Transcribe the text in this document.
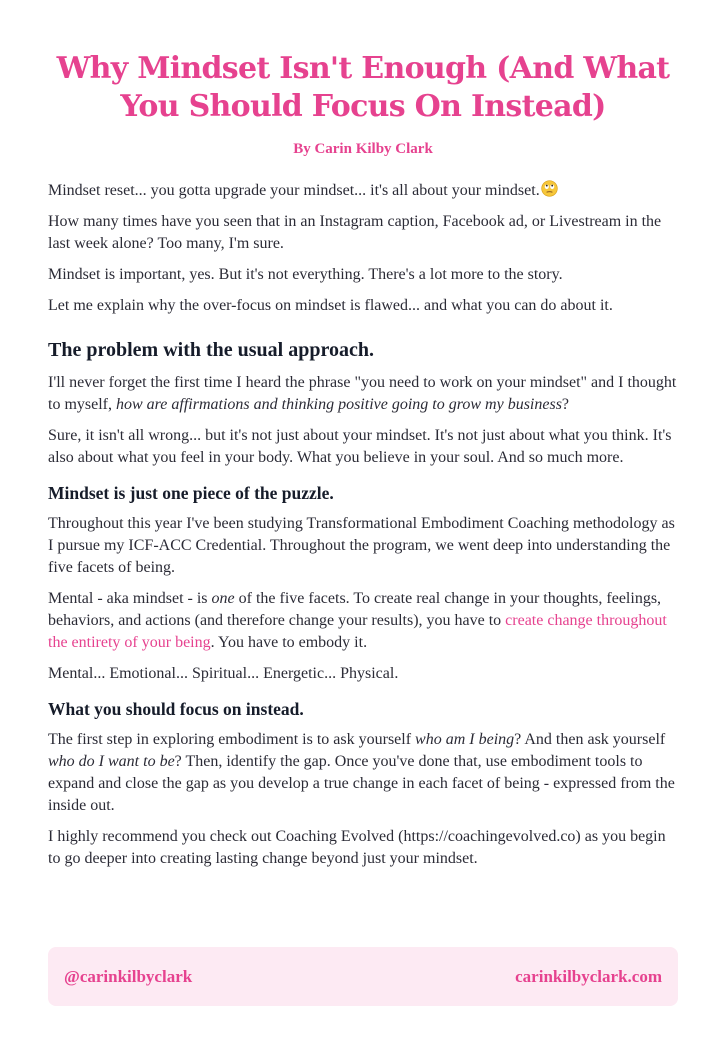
Why Mindset Isn't Enough (And What You Should Focus On Instead)
By Carin Kilby Clark

Mindset reset... you gotta upgrade your mindset... it's all about your mindset.

How many times have you seen that in an Instagram caption, Facebook ad, or Livestream in the last week alone? Too many, I'm sure.

Mindset is important, yes. But it's not everything. There's a lot more to the story.

Let me explain why the over-focus on mindset is flawed... and what you can do about it.

The problem with the usual approach.

I'll never forget the first time I heard the phrase "you need to work on your mindset" and I thought to myself, how are affirmations and thinking positive going to grow my business?

Sure, it isn't all wrong... but it's not just about your mindset. It's not just about what you think. It's also about what you feel in your body. What you believe in your soul. And so much more.

Mindset is just one piece of the puzzle.

Throughout this year I've been studying Transformational Embodiment Coaching methodology as I pursue my ICF-ACC Credential. Throughout the program, we went deep into understanding the five facets of being.

Mental - aka mindset - is one of the five facets. To create real change in your thoughts, feelings, behaviors, and actions (and therefore change your results), you have to create change throughout the entirety of your being. You have to embody it.

Mental... Emotional... Spiritual... Energetic... Physical.

What you should focus on instead.

The first step in exploring embodiment is to ask yourself who am I being? And then ask yourself who do I want to be? Then, identify the gap. Once you've done that, use embodiment tools to expand and close the gap as you develop a true change in each facet of being - expressed from the inside out.

I highly recommend you check out Coaching Evolved (https://coachingevolved.co) as you begin to go deeper into creating lasting change beyond just your mindset.

@carinkilbyclark	carinkilbyclark.com
